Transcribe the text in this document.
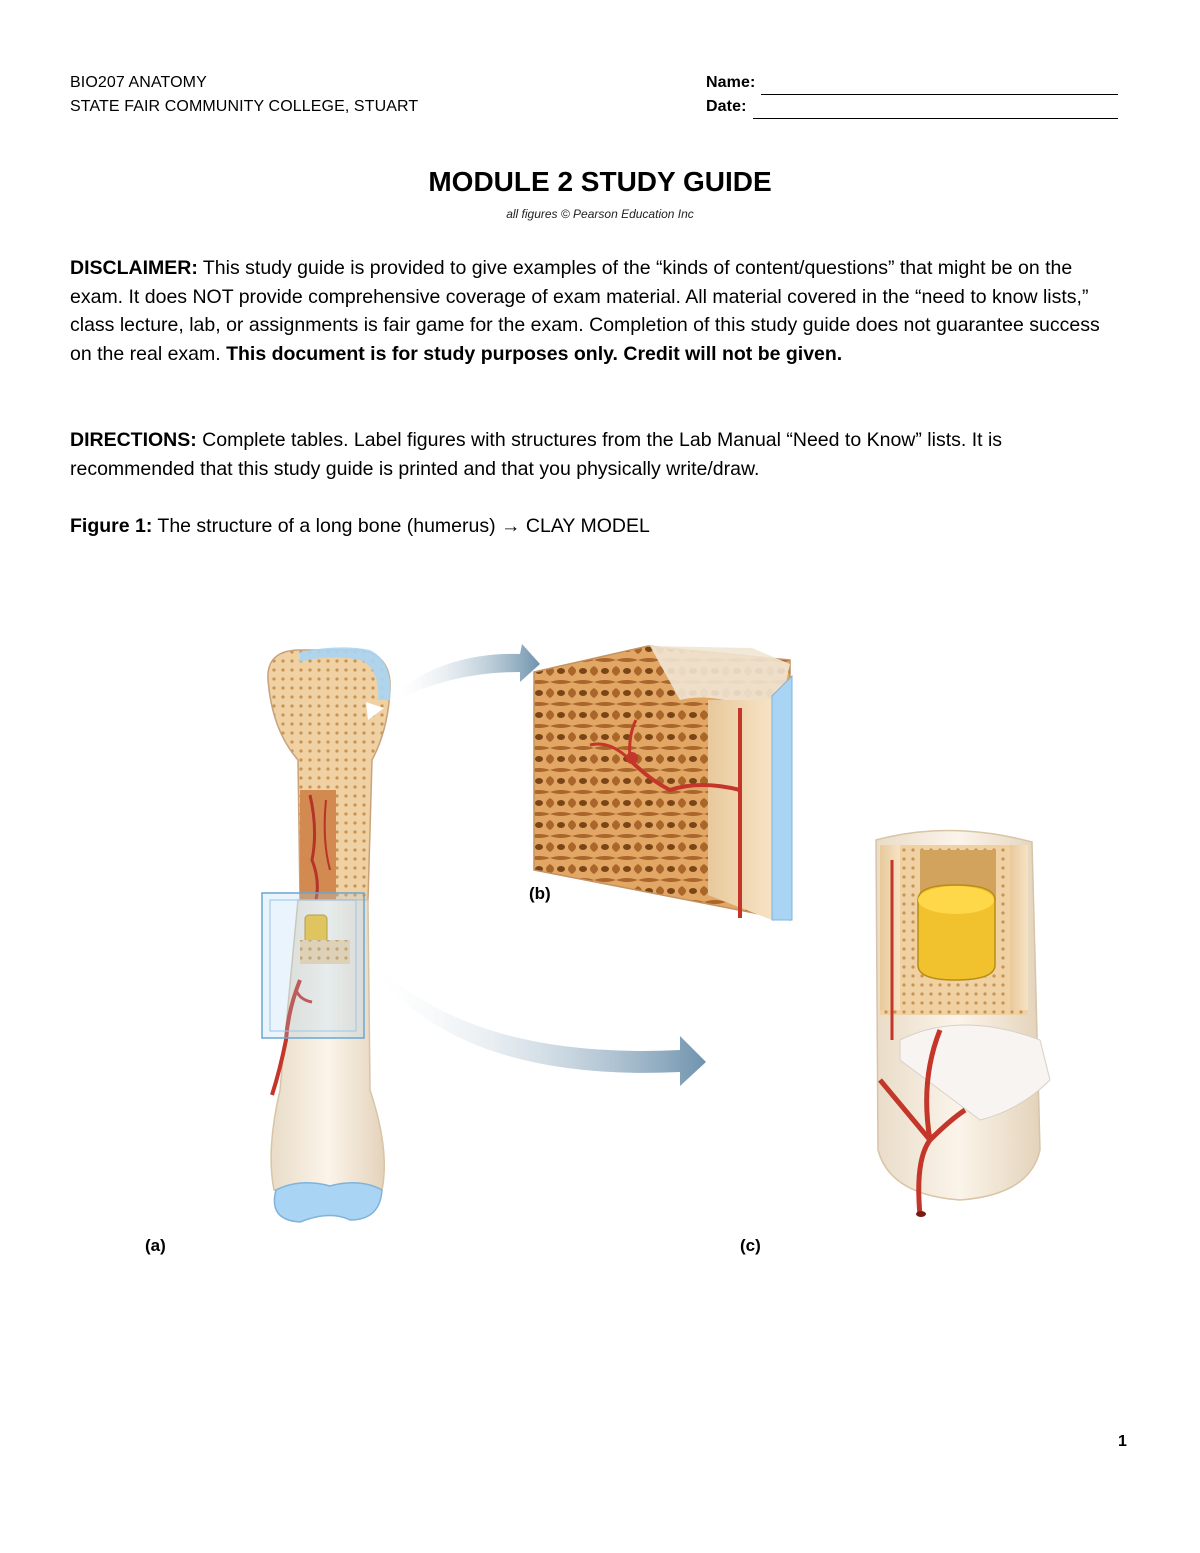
BIO207 ANATOMY
STATE FAIR COMMUNITY COLLEGE, STUART
Name:
Date:
MODULE 2 STUDY GUIDE
all figures © Pearson Education Inc
DISCLAIMER: This study guide is provided to give examples of the “kinds of content/questions” that might be on the exam. It does NOT provide comprehensive coverage of exam material. All material covered in the “need to know lists,” class lecture, lab, or assignments is fair game for the exam. Completion of this study guide does not guarantee success on the real exam. This document is for study purposes only. Credit will not be given.
DIRECTIONS: Complete tables. Label figures with structures from the Lab Manual “Need to Know” lists. It is recommended that this study guide is printed and that you physically write/draw.
Figure 1: The structure of a long bone (humerus) → CLAY MODEL
(a)
(b)
(c)
1
